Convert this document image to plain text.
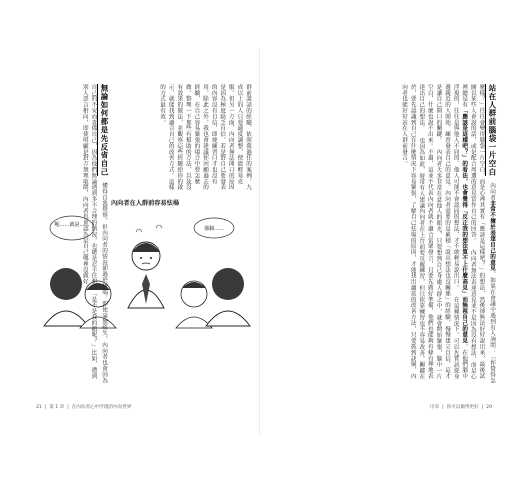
群前談話的經驗，依照我過往的案例，九成以上的人只要適度調整，便能輕易克服。但另一方面，內向者無法開口的原因是因為極度缺乏自信。若是對自己要發表的內容沒有自信，即便練習口才也沒有用。除此之外，我也會建議你回顧過去的經驗，在自己容易緊張的場合中要怎麼做。整理一下那些有幫助的方法，以及沒有效果的做法，並觀察這些經驗給你的啟示，就能找到適合自己的改善方式。這樣的方式最有效。
內向者在人群前容易怯場
呃……就是……
那個……
無論如何都是先反省自己 懂得自我覺察，但內向者的情況卻過於極端。即使毫無疏失，內向者也會因為自己的不安而責備自己，因為他們無論遇到多不合理的情況，也總是忍不住想：「是不是我的錯呢？」比如，遭到別人惡言相向，即使明顯是對方無理取鬧，內向者也會認為是自己哪裡沒做好。
21  |  第 1 章  |  在內向者心中浮現的內向世界
站在人群前腦袋一片空白 內向者非常不擅於表達自己的意見。如果在會議中遇到有人詢問：「你覺得怎麼樣？」往往會變得腦袋一片空白，而是心裡其實有「應該是這樣吧？」的想法，然後卻無法好好說出來，最後試圖以某些人會說的話，或是配合周遭的意見當作自己的回答。 內向者無法表達意見並不是因為沒有想法，而是心裡總是有「應該是這樣吧？」的看法，也會覺得「反正我的想法算不上什麼高見」而無視自己的意見。在他們腦中浮現的，往往是與他人不同的、他人可能不會認同的想法，才不敢輕易說出口。 在這種情況下，可以先嘗試從身邊親近的人開始，練習發表自己的意見。內向者需要的是累積「說出想法也沒關係」的經驗，慢慢建立自信，這才是讓自己開口的關鍵。 內向者大多非常在意他人的眼光，只要想到自己身處人群之中，就會開始緊張，腦中一片空白，什麼也說不出來。不過，這並不代表內向者就不適合當眾發言，只要先做好準備，他們也能夠有條有理地表達出自己的想法。 也因為如此，時常有人建議內向者在上台前要反覆練習，但只依靠練習也不容易改善。關鍵在於，要先認識到自己在什麼情況下容易緊張，了解自己怯場的原因，才能找出適當的改善方法，只要抓到訣竅，內向者也能好好站在人群前發言。
序章  |  你可以做得更好  |  20
